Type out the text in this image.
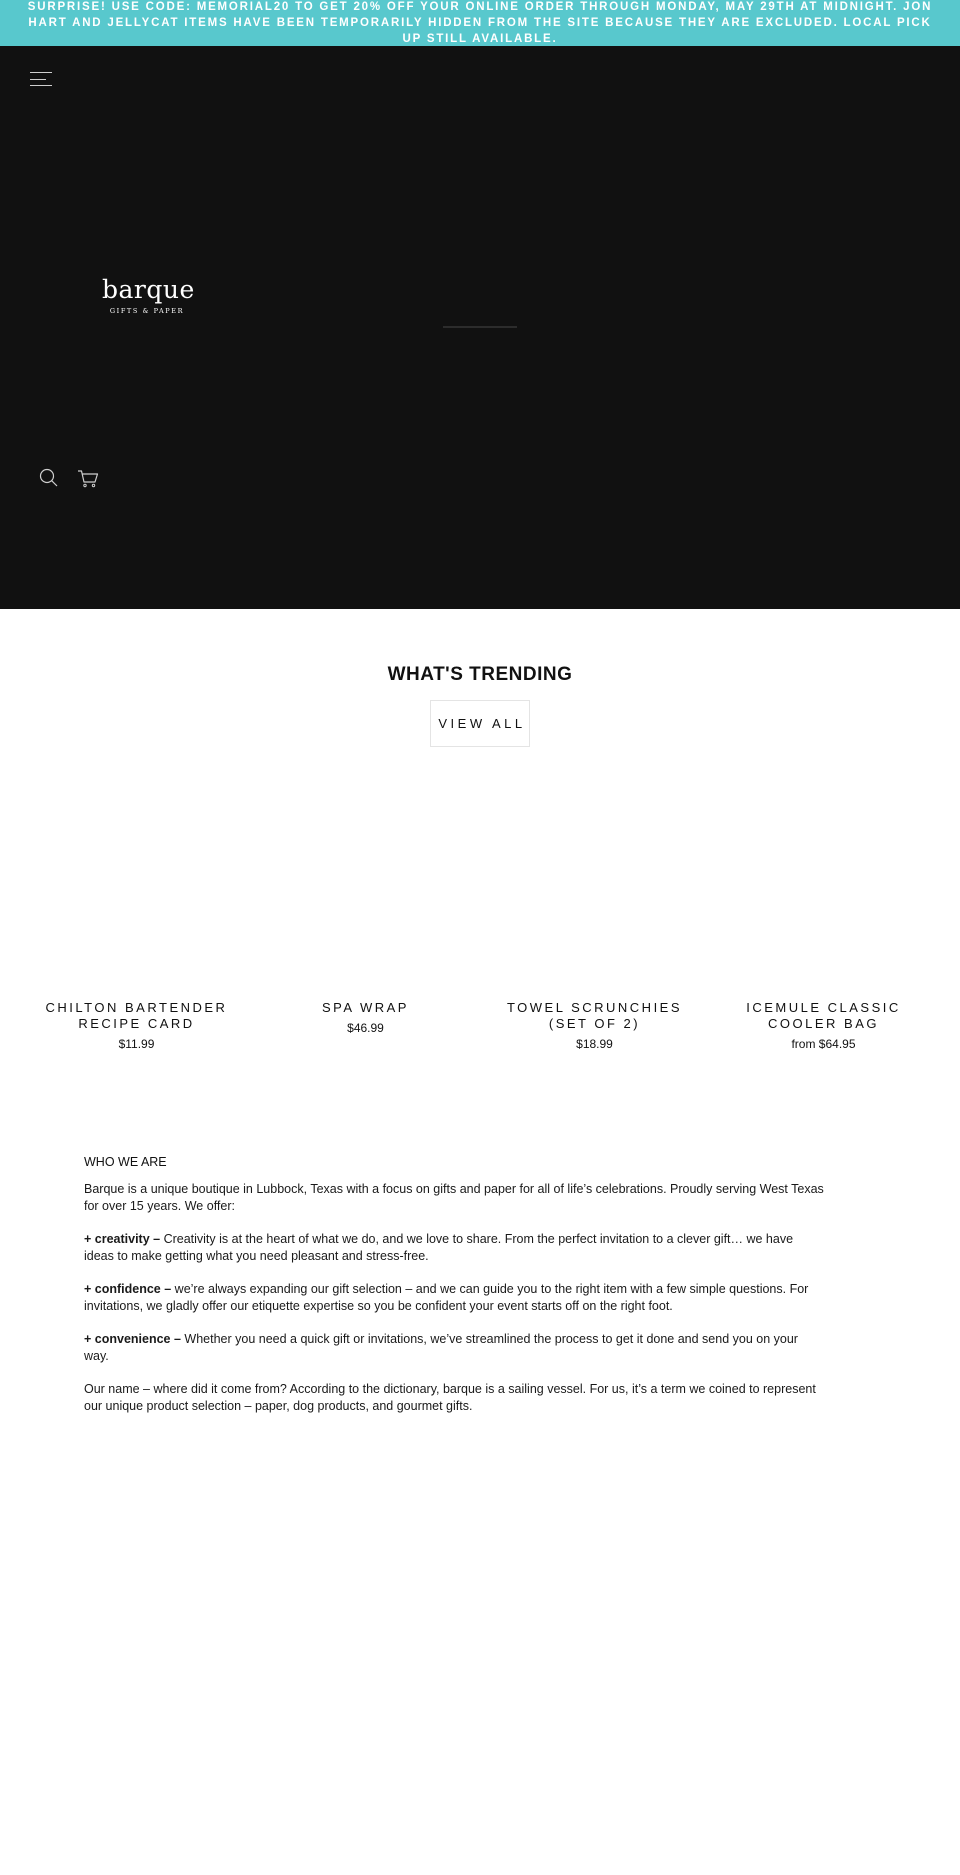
SURPRISE! USE CODE: MEMORIAL20 TO GET 20% OFF YOUR ONLINE ORDER THROUGH MONDAY, MAY 29TH AT MIDNIGHT. JON HART AND JELLYCAT ITEMS HAVE BEEN TEMPORARILY HIDDEN FROM THE SITE BECAUSE THEY ARE EXCLUDED. LOCAL PICK UP STILL AVAILABLE.
barque
GIFTS & PAPER
WHAT'S TRENDING
VIEW ALL
CHILTON BARTENDER RECIPE CARD
$11.99
SPA WRAP
$46.99
TOWEL SCRUNCHIES (SET OF 2)
$18.99
ICEMULE CLASSIC COOLER BAG
from $64.95
WHO WE ARE

Barque is a unique boutique in Lubbock, Texas with a focus on gifts and paper for all of life’s celebrations. Proudly serving West Texas for over 15 years. We offer:

+ creativity – Creativity is at the heart of what we do, and we love to share. From the perfect invitation to a clever gift… we have ideas to make getting what you need pleasant and stress-free.

+ confidence – we’re always expanding our gift selection – and we can guide you to the right item with a few simple questions. For invitations, we gladly offer our etiquette expertise so you be confident your event starts off on the right foot.

+ convenience – Whether you need a quick gift or invitations, we’ve streamlined the process to get it done and send you on your way.

Our name – where did it come from? According to the dictionary, barque is a sailing vessel. For us, it’s a term we coined to represent our unique product selection – paper, dog products, and gourmet gifts.
